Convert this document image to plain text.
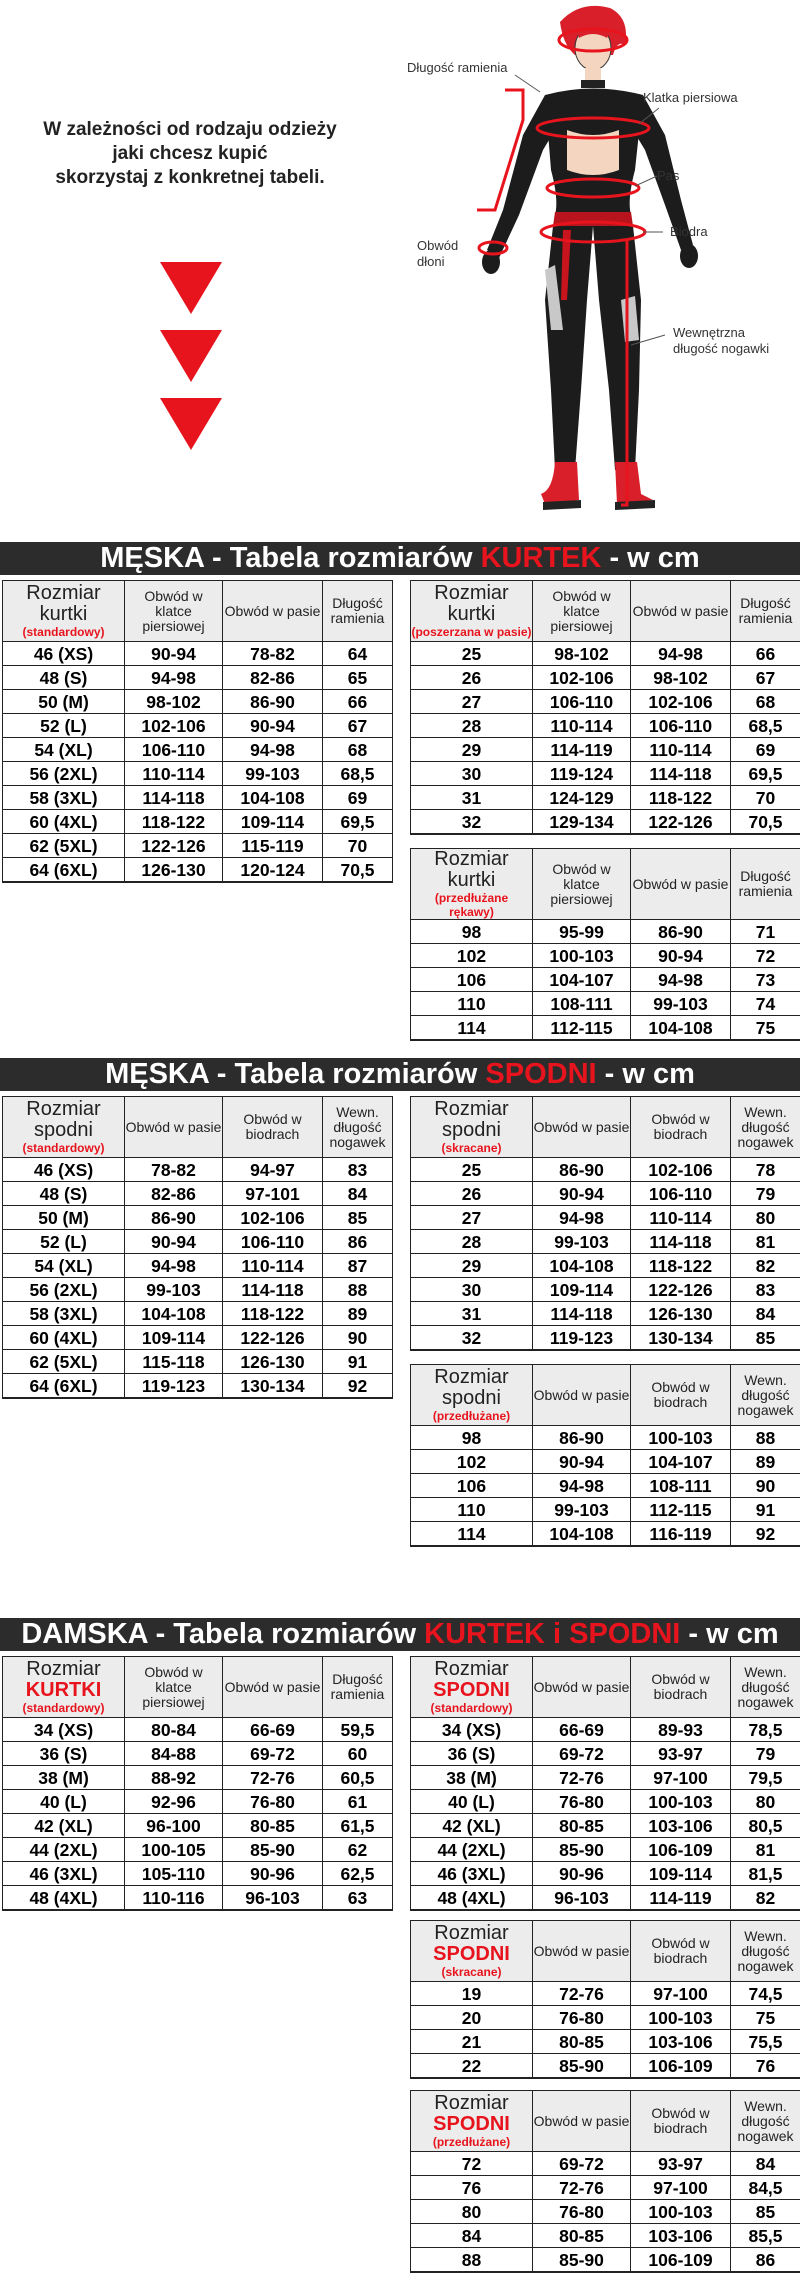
W zależności od rodzaju odzieży
jaki chcesz kupić
skorzystaj z konkretnej tabeli.
Długość ramienia
Klatka piersiowa
Pas
Biodra
Obwód
dłoni
Wewnętrzna
długość nogawki
MĘSKA - Tabela rozmiarów KURTEK - w cm
MĘSKA - Tabela rozmiarów SPODNI - w cm
DAMSKA - Tabela rozmiarów KURTEK i SPODNI - w cm
Rozmiar
kurtki
(standardowy)	Obwód w klatce piersiowej	Obwód w pasie	Długość ramienia
46 (XS)	90-94	78-82	64
48 (S)	94-98	82-86	65
50 (M)	98-102	86-90	66
52 (L)	102-106	90-94	67
54 (XL)	106-110	94-98	68
56 (2XL)	110-114	99-103	68,5
58 (3XL)	114-118	104-108	69
60 (4XL)	118-122	109-114	69,5
62 (5XL)	122-126	115-119	70
64 (6XL)	126-130	120-124	70,5
Rozmiar
kurtki
(poszerzana w pasie)	Obwód w klatce piersiowej	Obwód w pasie	Długość ramienia
25	98-102	94-98	66
26	102-106	98-102	67
27	106-110	102-106	68
28	110-114	106-110	68,5
29	114-119	110-114	69
30	119-124	114-118	69,5
31	124-129	118-122	70
32	129-134	122-126	70,5
Rozmiar
kurtki
(przedłużane rękawy)	Obwód w klatce piersiowej	Obwód w pasie	Długość ramienia
98	95-99	86-90	71
102	100-103	90-94	72
106	104-107	94-98	73
110	108-111	99-103	74
114	112-115	104-108	75
Rozmiar
spodni
(standardowy)	Obwód w pasie	Obwód w biodrach	Wewn. długość nogawek
46 (XS)	78-82	94-97	83
48 (S)	82-86	97-101	84
50 (M)	86-90	102-106	85
52 (L)	90-94	106-110	86
54 (XL)	94-98	110-114	87
56 (2XL)	99-103	114-118	88
58 (3XL)	104-108	118-122	89
60 (4XL)	109-114	122-126	90
62 (5XL)	115-118	126-130	91
64 (6XL)	119-123	130-134	92
Rozmiar
spodni
(skracane)	Obwód w pasie	Obwód w biodrach	Wewn. długość nogawek
25	86-90	102-106	78
26	90-94	106-110	79
27	94-98	110-114	80
28	99-103	114-118	81
29	104-108	118-122	82
30	109-114	122-126	83
31	114-118	126-130	84
32	119-123	130-134	85
Rozmiar
spodni
(przedłużane)	Obwód w pasie	Obwód w biodrach	Wewn. długość nogawek
98	86-90	100-103	88
102	90-94	104-107	89
106	94-98	108-111	90
110	99-103	112-115	91
114	104-108	116-119	92
Rozmiar
KURTKI
(standardowy)	Obwód w klatce piersiowej	Obwód w pasie	Długość ramienia
34 (XS)	80-84	66-69	59,5
36 (S)	84-88	69-72	60
38 (M)	88-92	72-76	60,5
40 (L)	92-96	76-80	61
42 (XL)	96-100	80-85	61,5
44 (2XL)	100-105	85-90	62
46 (3XL)	105-110	90-96	62,5
48 (4XL)	110-116	96-103	63
Rozmiar
SPODNI
(standardowy)	Obwód w pasie	Obwód w biodrach	Wewn. długość nogawek
34 (XS)	66-69	89-93	78,5
36 (S)	69-72	93-97	79
38 (M)	72-76	97-100	79,5
40 (L)	76-80	100-103	80
42 (XL)	80-85	103-106	80,5
44 (2XL)	85-90	106-109	81
46 (3XL)	90-96	109-114	81,5
48 (4XL)	96-103	114-119	82
Rozmiar
SPODNI
(skracane)	Obwód w pasie	Obwód w biodrach	Wewn. długość nogawek
19	72-76	97-100	74,5
20	76-80	100-103	75
21	80-85	103-106	75,5
22	85-90	106-109	76
Rozmiar
SPODNI
(przedłużane)	Obwód w pasie	Obwód w biodrach	Wewn. długość nogawek
72	69-72	93-97	84
76	72-76	97-100	84,5
80	76-80	100-103	85
84	80-85	103-106	85,5
88	85-90	106-109	86
